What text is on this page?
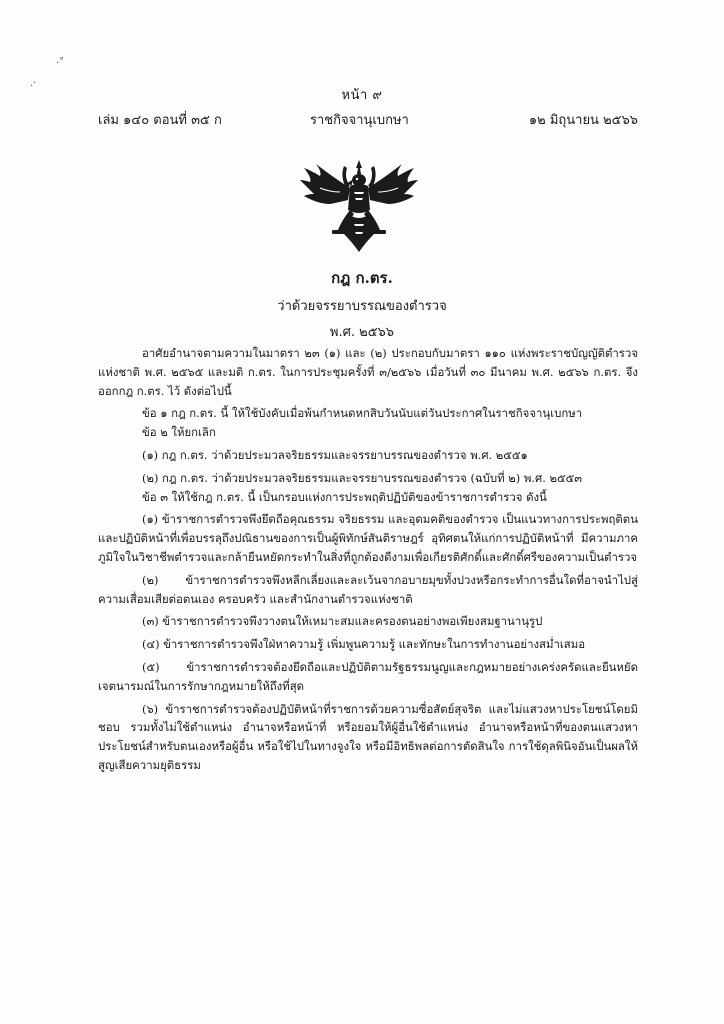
·˚
.·
หน้า ๙
เล่ม ๑๔๐ ตอนที่ ๓๕ ก	ราชกิจจานุเบกษา	๑๒ มิถุนายน ๒๕๖๖
กฎ ก.ตร.
ว่าด้วยจรรยาบรรณของตำรวจ
พ.ศ. ๒๕๖๖

อาศัยอำนาจตามความในมาตรา ๒๓ (๑) และ (๒) ประกอบกับมาตรา ๑๑๐ แห่งพระราชบัญญัติตำรวจแห่งชาติ พ.ศ. ๒๕๖๕ และมติ ก.ตร. ในการประชุมครั้งที่ ๓/๒๕๖๖ เมื่อวันที่ ๓๐ มีนาคม พ.ศ. ๒๕๖๖ ก.ตร. จึงออกกฎ ก.ตร. ไว้ ดังต่อไปนี้

ข้อ ๑ กฎ ก.ตร. นี้ ให้ใช้บังคับเมื่อพ้นกำหนดหกสิบวันนับแต่วันประกาศในราชกิจจานุเบกษา

ข้อ ๒ ให้ยกเลิก

(๑) กฎ ก.ตร. ว่าด้วยประมวลจริยธรรมและจรรยาบรรณของตำรวจ พ.ศ. ๒๕๕๑

(๒) กฎ ก.ตร. ว่าด้วยประมวลจริยธรรมและจรรยาบรรณของตำรวจ (ฉบับที่ ๒) พ.ศ. ๒๕๕๓

ข้อ ๓ ให้ใช้กฎ ก.ตร. นี้ เป็นกรอบแห่งการประพฤติปฏิบัติของข้าราชการตำรวจ ดังนี้

(๑) ข้าราชการตำรวจพึงยึดถือคุณธรรม จริยธรรม และอุดมคติของตำรวจ เป็นแนวทางการประพฤติตนและปฏิบัติหน้าที่เพื่อบรรลุถึงปณิธานของการเป็นผู้พิทักษ์สันติราษฎร์ อุทิศตนให้แก่การปฏิบัติหน้าที่ มีความภาคภูมิใจในวิชาชีพตำรวจและกล้ายืนหยัดกระทำในสิ่งที่ถูกต้องดีงามเพื่อเกียรติศักดิ์และศักดิ์ศรีของความเป็นตำรวจ

(๒) ข้าราชการตำรวจพึงหลีกเลี่ยงและละเว้นจากอบายมุขทั้งปวงหรือกระทำการอื่นใดที่อาจนำไปสู่ความเสื่อมเสียต่อตนเอง ครอบครัว และสำนักงานตำรวจแห่งชาติ

(๓) ข้าราชการตำรวจพึงวางตนให้เหมาะสมและครองตนอย่างพอเพียงสมฐานานุรูป

(๔) ข้าราชการตำรวจพึงใฝ่หาความรู้ เพิ่มพูนความรู้ และทักษะในการทำงานอย่างสม่ำเสมอ

(๕) ข้าราชการตำรวจต้องยึดถือและปฏิบัติตามรัฐธรรมนูญและกฎหมายอย่างเคร่งครัดและยืนหยัดเจตนารมณ์ในการรักษากฎหมายให้ถึงที่สุด

(๖) ข้าราชการตำรวจต้องปฏิบัติหน้าที่ราชการด้วยความซื่อสัตย์สุจริต และไม่แสวงหาประโยชน์โดยมิชอบ รวมทั้งไม่ใช้ตำแหน่ง อำนาจหรือหน้าที่ หรือยอมให้ผู้อื่นใช้ตำแหน่ง อำนาจหรือหน้าที่ของตนแสวงหาประโยชน์สำหรับตนเองหรือผู้อื่น หรือใช้ไปในทางจูงใจ หรือมีอิทธิพลต่อการตัดสินใจ การใช้ดุลพินิจอันเป็นผลให้สูญเสียความยุติธรรม
